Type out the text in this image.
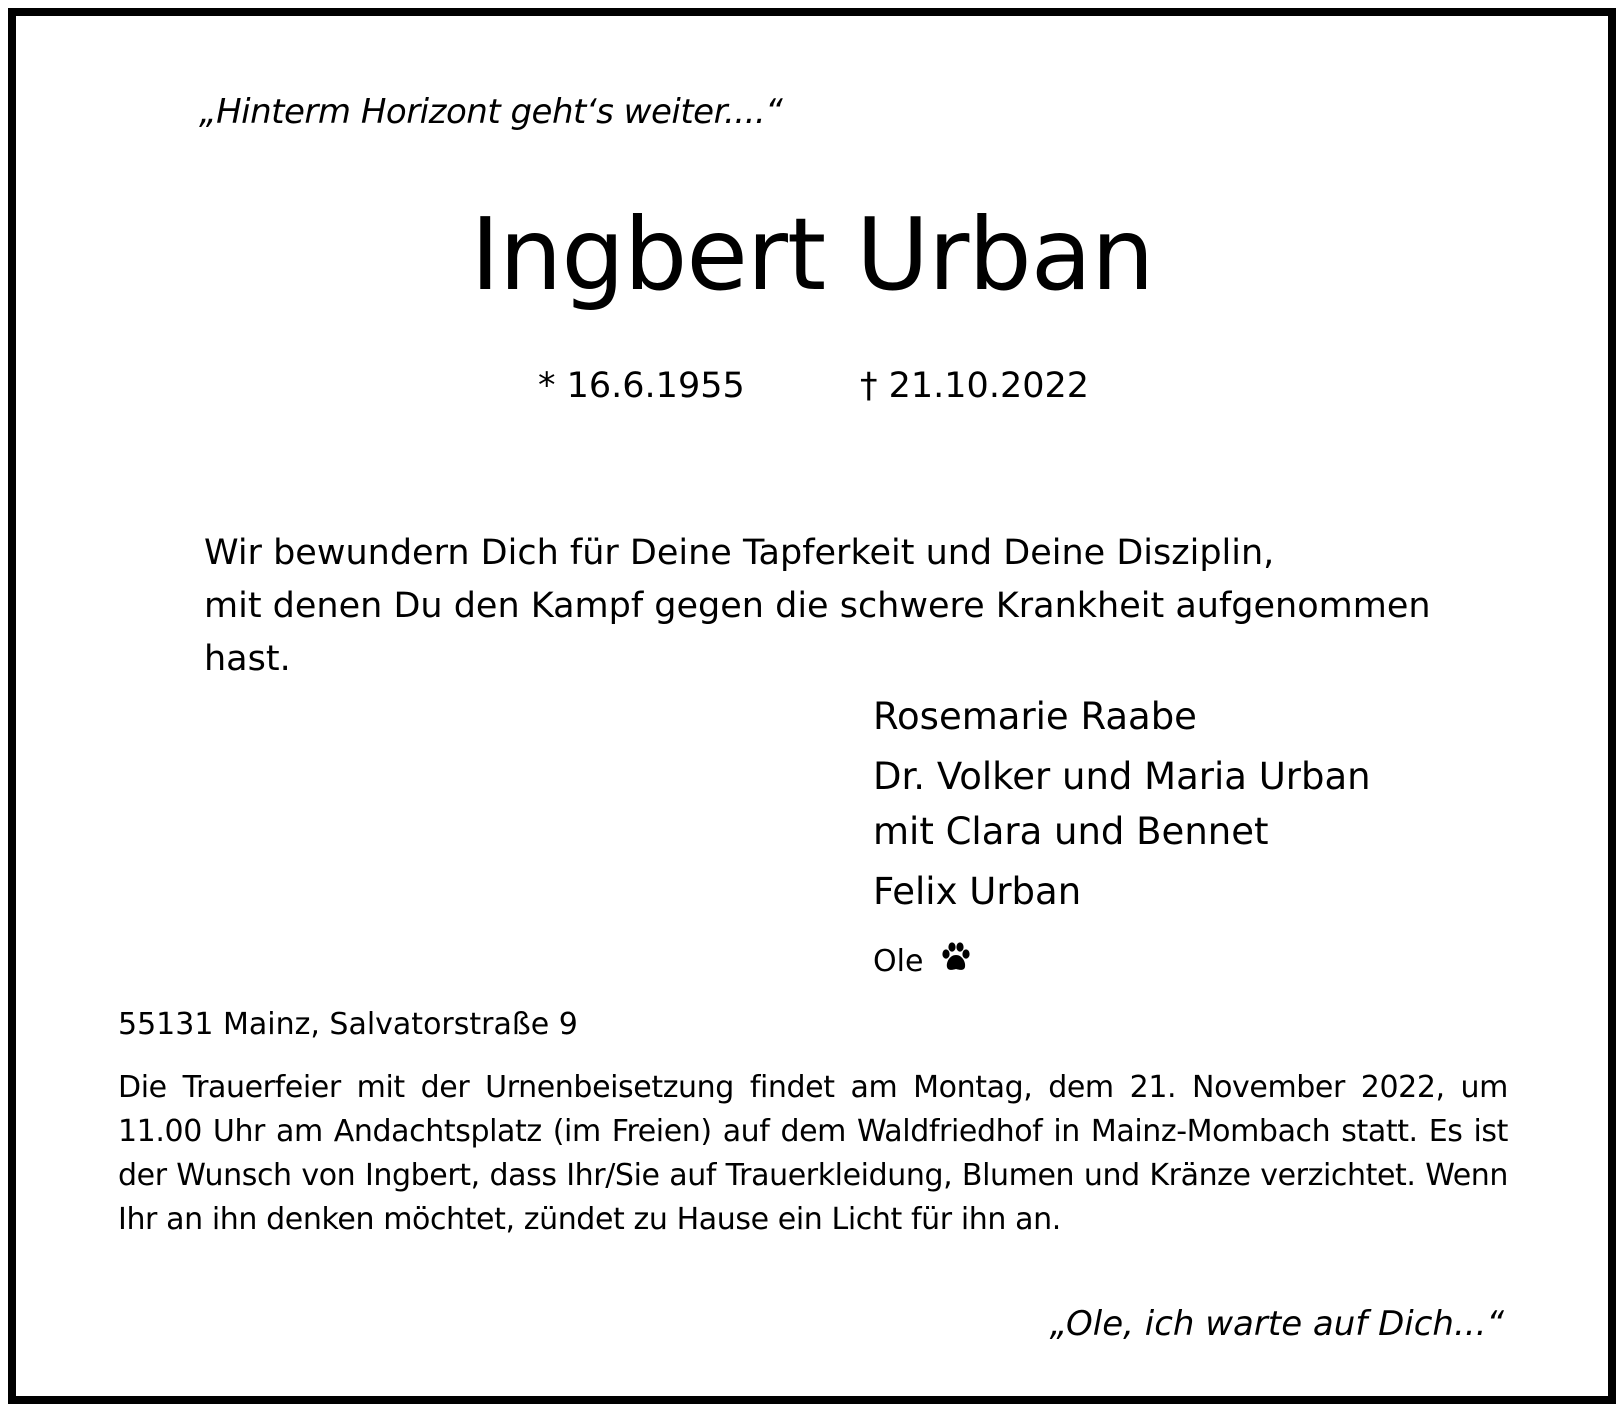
„Hinterm Horizont geht‘s weiter....“
Ingbert Urban
* 16.6.1955	† 21.10.2022
Wir bewundern Dich für Deine Tapferkeit und Deine Disziplin,
mit denen Du den Kampf gegen die schwere Krankheit aufgenommen
hast.
Rosemarie Raabe
Dr. Volker und Maria Urban
mit Clara und Bennet
Felix Urban
Ole
55131 Mainz, Salvatorstraße 9
Die Trauerfeier mit der Urnenbeisetzung findet am Montag, dem 21. November 2022, um 11.00 Uhr am Andachtsplatz (im Freien) auf dem Waldfriedhof in Mainz-Mombach statt. Es ist der Wunsch von Ingbert, dass Ihr/Sie auf Trauerkleidung, Blumen und Kränze verzichtet. Wenn Ihr an ihn denken möchtet, zündet zu Hause ein Licht für ihn an.
„Ole, ich warte auf Dich...“
